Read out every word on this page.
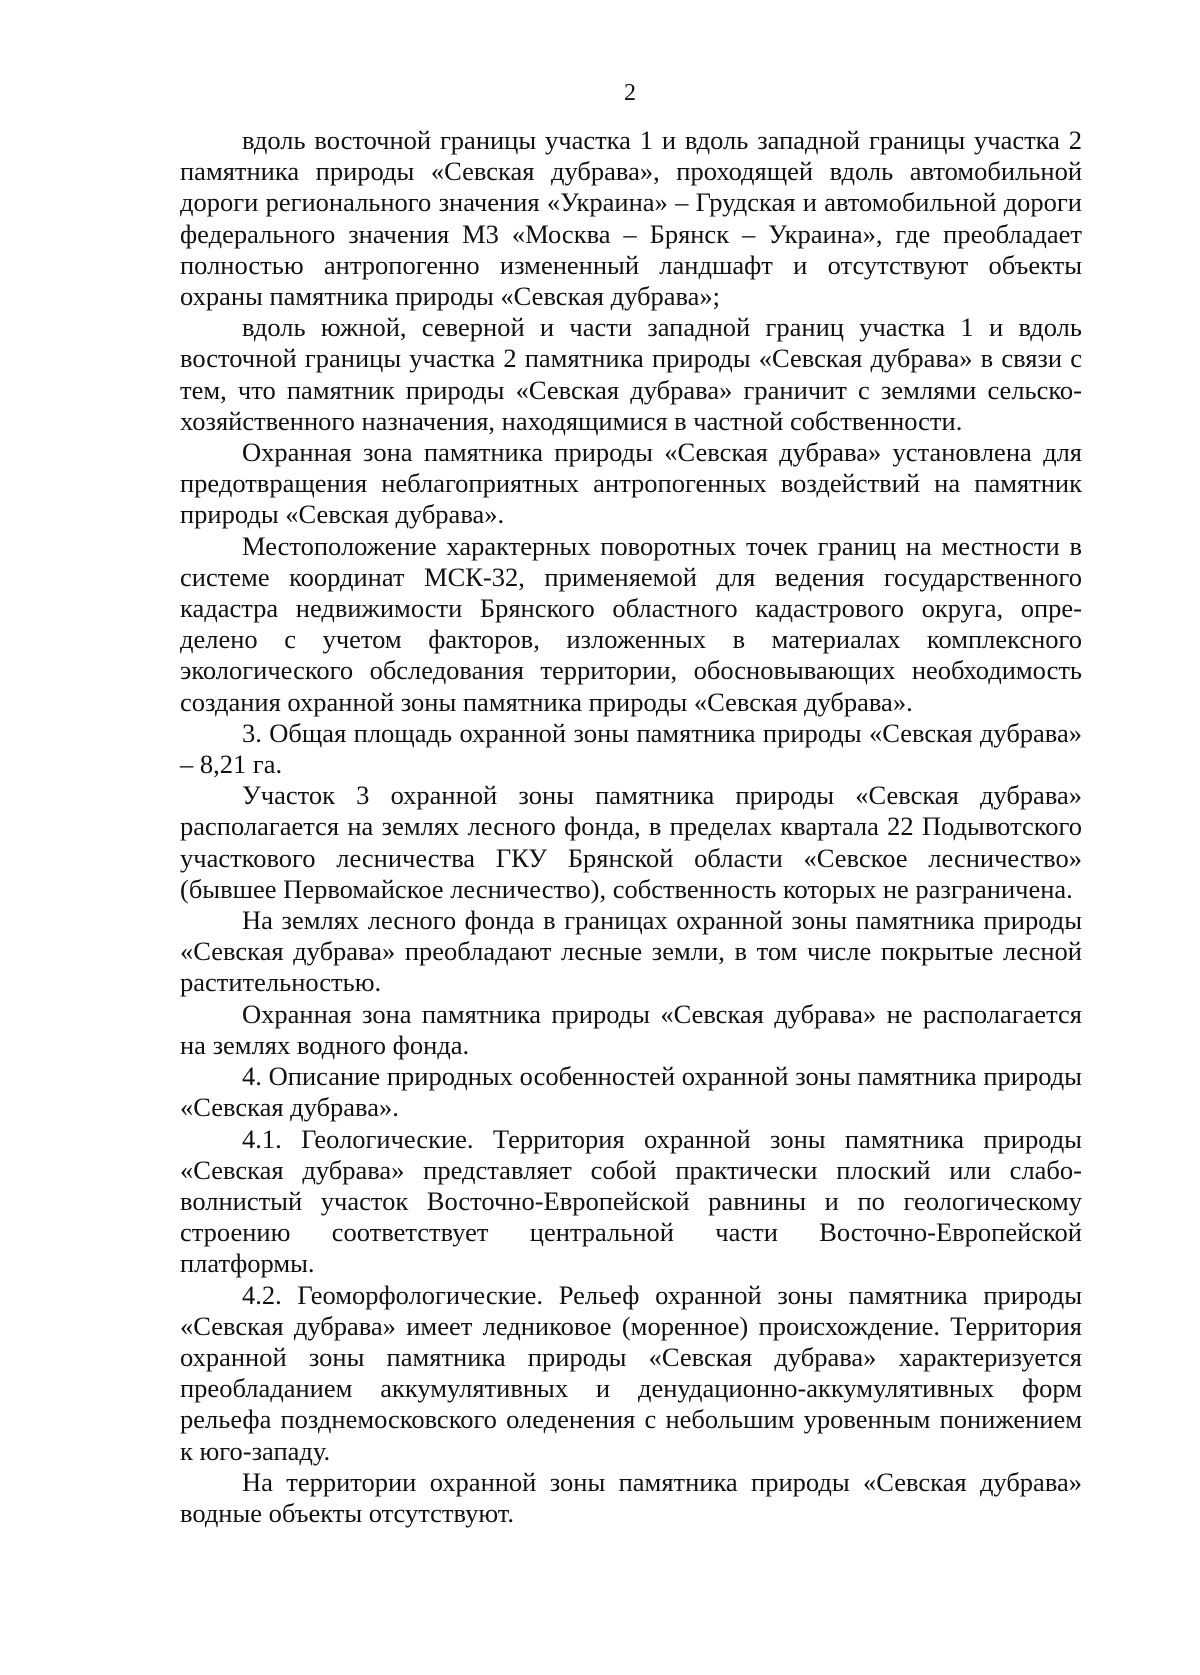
2

вдоль восточной границы участка 1 и вдоль западной границы участка 2 памятника природы «Севская дубрава», проходящей вдоль автомобильной дороги регионального значения «Украина» – Грудская и автомобильной дороги федерального значения М3 «Москва – Брянск – Украина», где преобладает полностью антропогенно измененный ландшафт и отсутствуют объекты охраны памятника природы «Севская дубрава»;

вдоль южной, северной и части западной границ участка 1 и вдоль восточной границы участка 2 памятника природы «Севская дубрава» в связи с тем, что памятник природы «Севская дубрава» граничит с землями сельскохозяйственного назначения, находящимися в частной собственности.

Охранная зона памятника природы «Севская дубрава» установлена для предотвращения неблагоприятных антропогенных воздействий на памятник природы «Севская дубрава».

Местоположение характерных поворотных точек границ на местности в системе координат МСК-32, применяемой для ведения государственного кадастра недвижимости Брянского областного кадастрового округа, определено с учетом факторов, изложенных в материалах комплексного экологического обследования территории, обосновывающих необходимость создания охранной зоны памятника природы «Севская дубрава».

3. Общая площадь охранной зоны памятника природы «Севская дубрава» – 8,21 га.

Участок 3 охранной зоны памятника природы «Севская дубрава» располагается на землях лесного фонда, в пределах квартала 22 Подывотского участкового лесничества ГКУ Брянской области «Севское лесничество» (бывшее Первомайское лесничество), собственность которых не разграничена.

На землях лесного фонда в границах охранной зоны памятника природы «Севская дубрава» преобладают лесные земли, в том числе покрытые лесной растительностью.

Охранная зона памятника природы «Севская дубрава» не располагается на землях водного фонда.

4. Описание природных особенностей охранной зоны памятника природы «Севская дубрава».

4.1. Геологические. Территория охранной зоны памятника природы «Севская дубрава» представляет собой практически плоский или слабоволнистый участок Восточно-Европейской равнины и по геологическому строению соответствует центральной части Восточно-Европейской платформы.

4.2. Геоморфологические. Рельеф охранной зоны памятника природы «Севская дубрава» имеет ледниковое (моренное) происхождение. Территория охранной зоны памятника природы «Севская дубрава» характеризуется преобладанием аккумулятивных и денудационно-аккумулятивных форм рельефа позднемосковского оледенения с небольшим уровенным понижением к юго-западу.

На территории охранной зоны памятника природы «Севская дубрава» водные объекты отсутствуют.
